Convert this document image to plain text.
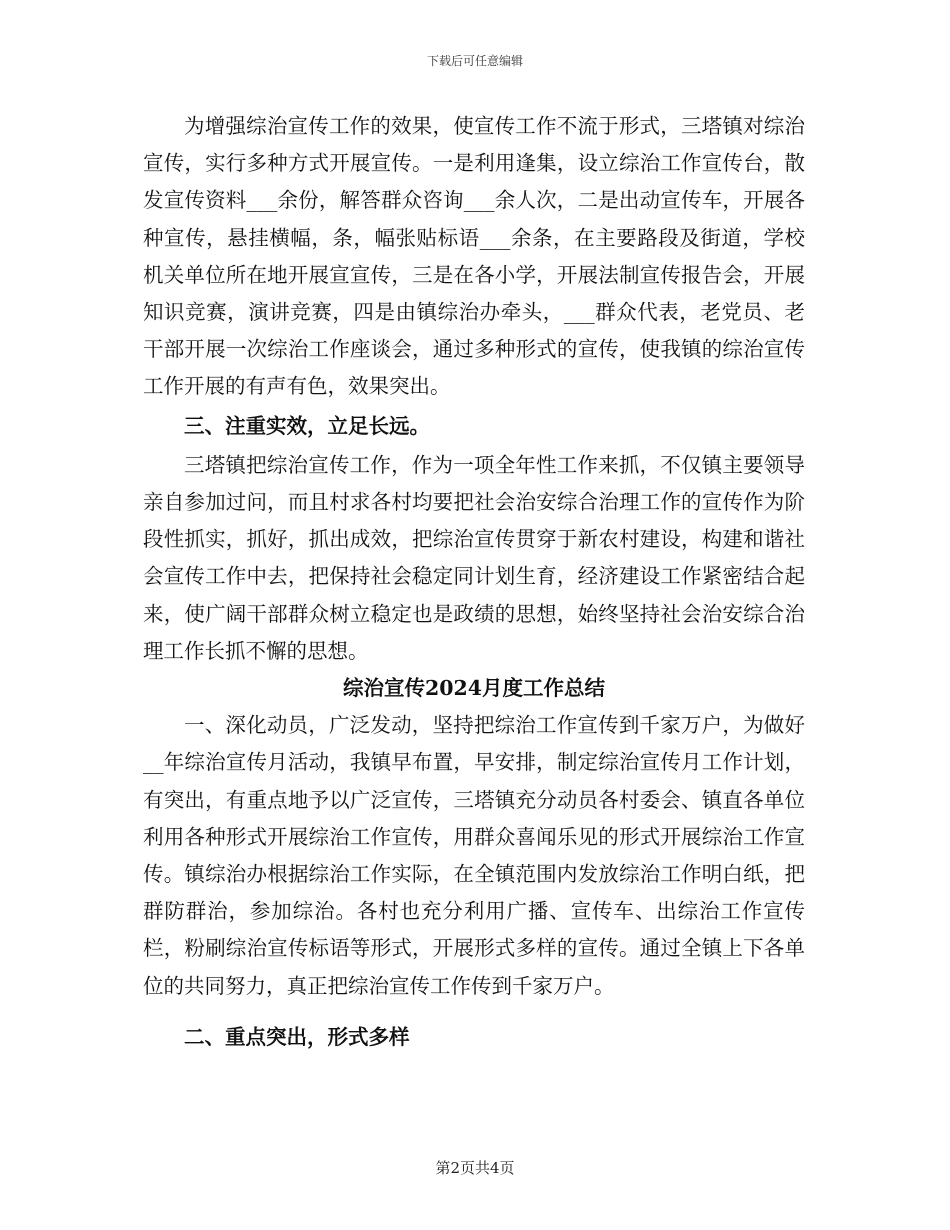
下载后可任意编辑

为增强综治宣传工作的效果，使宣传工作不流于形式，三塔镇对综治宣传，实行多种方式开展宣传。一是利用逢集，设立综治工作宣传台，散发宣传资料___余份，解答群众咨询___余人次，二是出动宣传车，开展各种宣传，悬挂横幅，条，幅张贴标语___余条，在主要路段及街道，学校机关单位所在地开展宣宣传，三是在各小学，开展法制宣传报告会，开展知识竞赛，演讲竞赛，四是由镇综治办牵头，___群众代表，老党员、老干部开展一次综治工作座谈会，通过多种形式的宣传，使我镇的综治宣传工作开展的有声有色，效果突出。

三、注重实效，立足长远。

三塔镇把综治宣传工作，作为一项全年性工作来抓，不仅镇主要领导亲自参加过问，而且村求各村均要把社会治安综合治理工作的宣传作为阶段性抓实，抓好，抓出成效，把综治宣传贯穿于新农村建设，构建和谐社会宣传工作中去，把保持社会稳定同计划生育，经济建设工作紧密结合起来，使广阔干部群众树立稳定也是政绩的思想，始终坚持社会治安综合治理工作长抓不懈的思想。

综治宣传2024月度工作总结

一、深化动员，广泛发动，坚持把综治工作宣传到千家万户，为做好__年综治宣传月活动，我镇早布置，早安排，制定综治宣传月工作计划，有突出，有重点地予以广泛宣传，三塔镇充分动员各村委会、镇直各单位利用各种形式开展综治工作宣传，用群众喜闻乐见的形式开展综治工作宣传。镇综治办根据综治工作实际，在全镇范围内发放综治工作明白纸，把群防群治，参加综治。各村也充分利用广播、宣传车、出综治工作宣传栏，粉刷综治宣传标语等形式，开展形式多样的宣传。通过全镇上下各单位的共同努力，真正把综治宣传工作传到千家万户。

二、重点突出，形式多样

第2页共4页
